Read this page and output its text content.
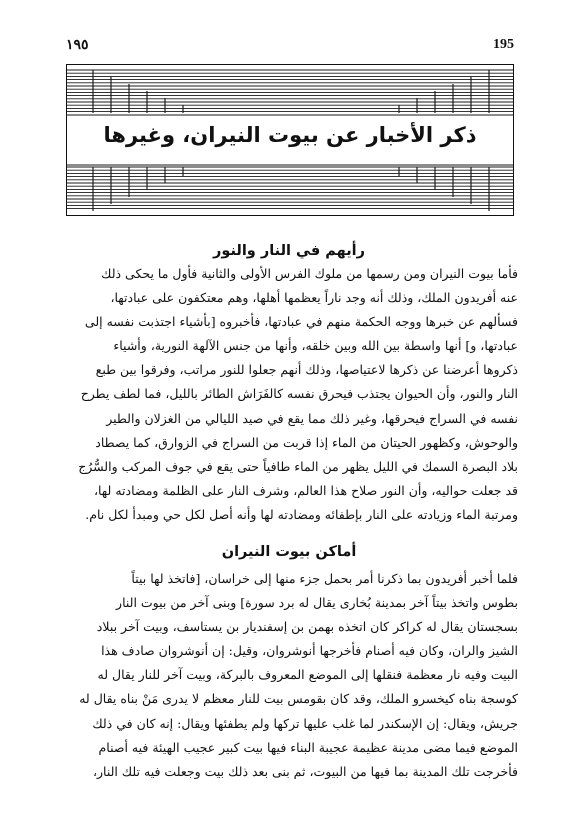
١٩٥	195
ذكر الأخبار عن بيوت النيران، وغيرها
رأيهم في النار والنور
فأما بيوت النيران ومن رسمها من ملوك الفرس الأولى والثانية فأول ما يحكى ذلك
عنه أفريدون الملك، وذلك أنه وجد ناراً يعظمها أهلها، وهم معتكفون على عبادتها،
فسألهم عن خبرها ووجه الحكمة منهم في عبادتها، فأخبروه [بأشياء اجتذبت نفسه إلى
عبادتها، و] أنها واسطة بين الله وبين خلقه، وأنها من جنس الآلهة النورية، وأشياء
ذكروها أعرضنا عن ذكرها لاعتياصها، وذلك أنهم جعلوا للنور مراتب، وفرقوا بين طبع
النار والنور، وأن الحيوان يجتذب فيحرق نفسه كالفَرَاش الطائر بالليل، فما لطف يطرح
نفسه في السراج فيحرقها، وغير ذلك مما يقع في صيد الليالي من الغزلان والطير
والوحوش، وكظهور الحيتان من الماء إذا قربت من السراج في الزوارق، كما يصطاد
بلاد البصرة السمك في الليل يظهر من الماء طافياً حتى يقع في جوف المركب والسُّرُج
قد جعلت حواليه، وأن النور صلاح هذا العالم، وشرف النار على الظلمة ومضادته لها،
ومرتبة الماء وزيادته على النار بإطفائه ومضادته لها وأنه أصل لكل حي ومبدأ لكل نام.
أماكن بيوت النيران
فلما أخبر أفريدون بما ذكرنا أمر بحمل جزء منها إلى خراسان، [فاتخذ لها بيتاً
بطوس واتخذ بيتاً آخر بمدينة بُخارى يقال له برد سورة] وبنى آخر من بيوت النار
بسجستان يقال له كراكر كان اتخذه بهمن بن إسفنديار بن يستاسف، وبيت آخر ببلاد
الشيز والران، وكان فيه أصنام فأخرجها أنوشروان، وقيل: إن أنوشروان صادف هذا
البيت وفيه نار معظمة فنقلها إلى الموضع المعروف بالبركة، وبيت آخر للنار يقال له
كوسجة بناه كيخسرو الملك، وقد كان بقومس بيت للنار معظم لا يدرى مَنْ بناه يقال له
جريش، ويقال: إن الإسكندر لما غلب عليها تركها ولم يطفئها ويقال: إنه كان في ذلك
الموضع فيما مضى مدينة عظيمة عجيبة البناء فيها بيت كبير عجيب الهيئة فيه أصنام
فأخرجت تلك المدينة بما فيها من البيوت، ثم بنى بعد ذلك بيت وجعلت فيه تلك النار،
